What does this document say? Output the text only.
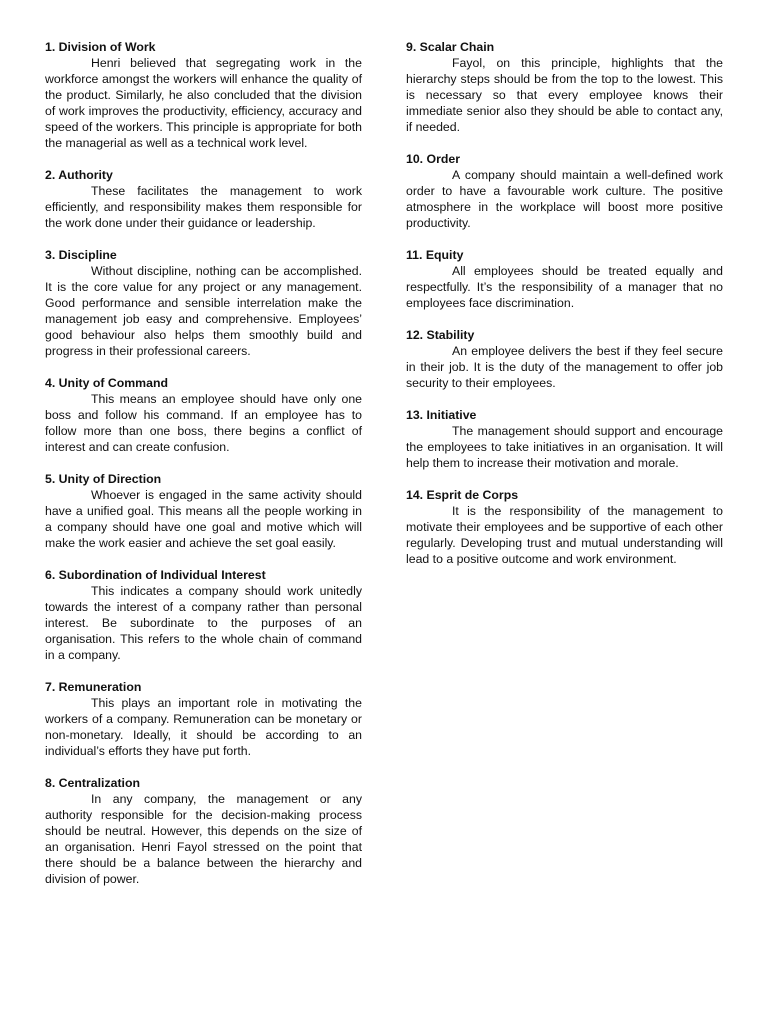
1. Division of Work

Henri believed that segregating work in the workforce amongst the workers will enhance the quality of the product. Similarly, he also concluded that the division of work improves the productivity, efficiency, accuracy and speed of the workers. This principle is appropriate for both the managerial as well as a technical work level.

2. Authority

These facilitates the management to work efficiently, and responsibility makes them responsible for the work done under their guidance or leadership.

3. Discipline

Without discipline, nothing can be accomplished. It is the core value for any project or any management. Good performance and sensible interrelation make the management job easy and comprehensive. Employees’ good behaviour also helps them smoothly build and progress in their professional careers.

4. Unity of Command

This means an employee should have only one boss and follow his command. If an employee has to follow more than one boss, there begins a conflict of interest and can create confusion.

5. Unity of Direction

Whoever is engaged in the same activity should have a unified goal. This means all the people working in a company should have one goal and motive which will make the work easier and achieve the set goal easily.

6. Subordination of Individual Interest

This indicates a company should work unitedly towards the interest of a company rather than personal interest. Be subordinate to the purposes of an organisation. This refers to the whole chain of command in a company.

7. Remuneration

This plays an important role in motivating the workers of a company. Remuneration can be monetary or non-monetary. Ideally, it should be according to an individual’s efforts they have put forth.

8. Centralization

In any company, the management or any authority responsible for the decision-making process should be neutral. However, this depends on the size of an organisation. Henri Fayol stressed on the point that there should be a balance between the hierarchy and division of power.

9. Scalar Chain

Fayol, on this principle, highlights that the hierarchy steps should be from the top to the lowest. This is necessary so that every employee knows their immediate senior also they should be able to contact any, if needed.

10. Order

A company should maintain a well-defined work order to have a favourable work culture. The positive atmosphere in the workplace will boost more positive productivity.

11. Equity

All employees should be treated equally and respectfully. It’s the responsibility of a manager that no employees face discrimination.

12. Stability

An employee delivers the best if they feel secure in their job. It is the duty of the management to offer job security to their employees.

13. Initiative

The management should support and encourage the employees to take initiatives in an organisation. It will help them to increase their motivation and morale.

14. Esprit de Corps

It is the responsibility of the management to motivate their employees and be supportive of each other regularly. Developing trust and mutual understanding will lead to a positive outcome and work environment.
